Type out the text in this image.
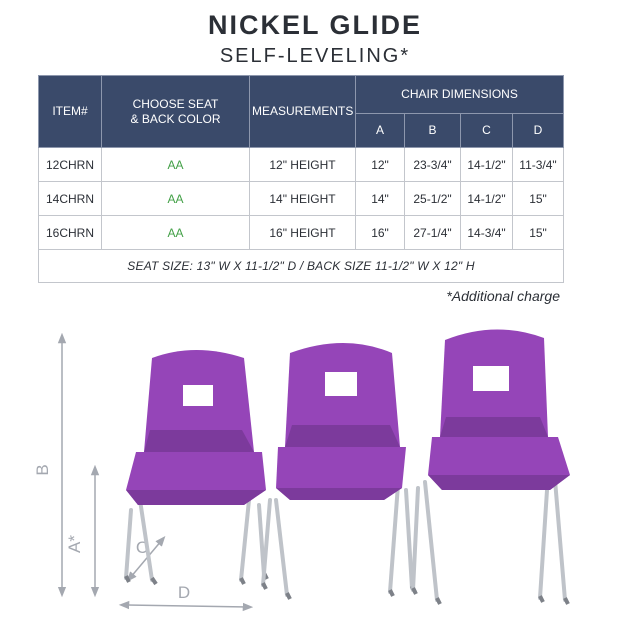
NICKEL GLIDE
SELF-LEVELING*
ITEM#	CHOOSE SEAT
& BACK COLOR	MEASUREMENTS	CHAIR DIMENSIONS			
			A	B	C	D
12CHRN	AA	12" HEIGHT	12"	23-3/4"	14-1/2"	11-3/4"
14CHRN	AA	14" HEIGHT	14"	25-1/2"	14-1/2"	15"
16CHRN	AA	16" HEIGHT	16"	27-1/4"	14-3/4"	15"
SEAT SIZE: 13" W X 11-1/2" D / BACK SIZE 11-1/2" W X 12" H						
*Additional charge
B
A*	C
D
